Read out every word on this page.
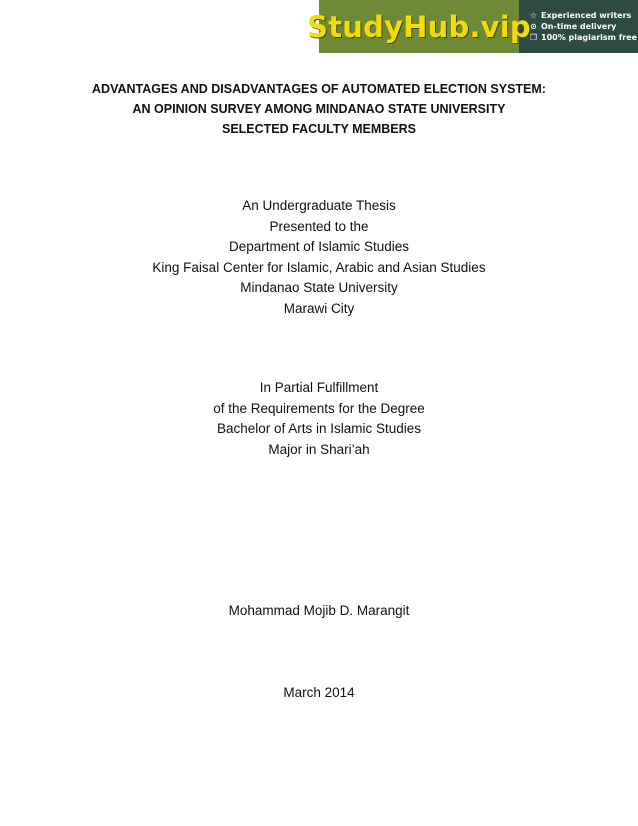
StudyHub.vip ☆ Experienced writers
⊙ On-time delivery
❐ 100% plagiarism free
ADVANTAGES AND DISADVANTAGES OF AUTOMATED ELECTION SYSTEM:
AN OPINION SURVEY AMONG MINDANAO STATE UNIVERSITY
SELECTED FACULTY MEMBERS
An Undergraduate Thesis
Presented to the
Department of Islamic Studies
King Faisal Center for Islamic, Arabic and Asian Studies
Mindanao State University
Marawi City
In Partial Fulfillment
of the Requirements for the Degree
Bachelor of Arts in Islamic Studies
Major in Shari’ah
Mohammad Mojib D. Marangit
March 2014
